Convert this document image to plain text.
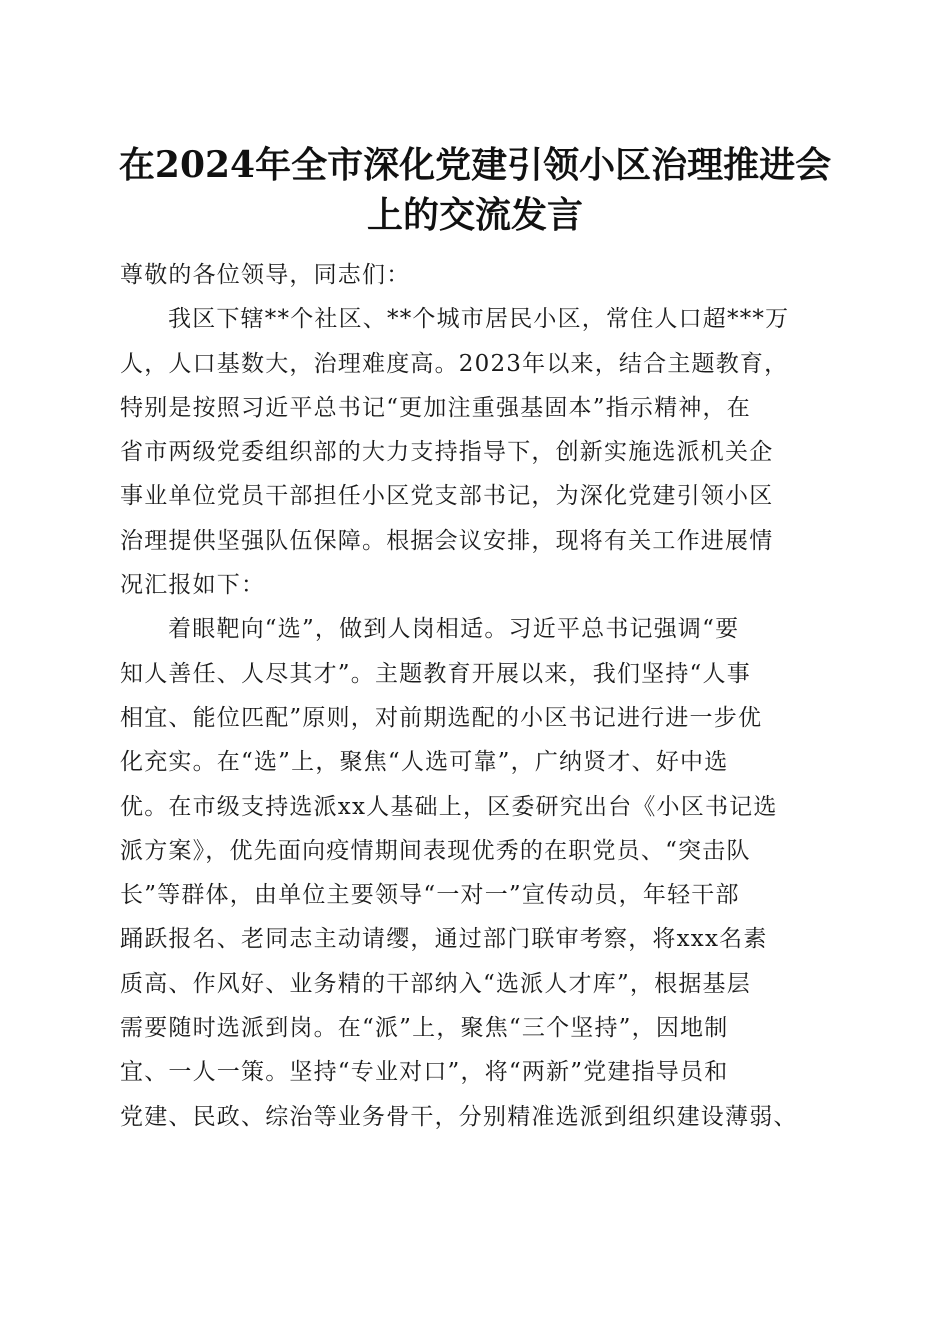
在2024年全市深化党建引领小区治理推进会
上的交流发言
尊敬的各位领导，同志们：
我区下辖**个社区、**个城市居民小区，常住人口超***万
人，人口基数大，治理难度高。2023年以来，结合主题教育，
特别是按照习近平总书记“更加注重强基固本”指示精神，在
省市两级党委组织部的大力支持指导下，创新实施选派机关企
事业单位党员干部担任小区党支部书记，为深化党建引领小区
治理提供坚强队伍保障。根据会议安排，现将有关工作进展情
况汇报如下：
着眼靶向“选”，做到人岗相适。习近平总书记强调“要
知人善任、人尽其才”。主题教育开展以来，我们坚持“人事
相宜、能位匹配”原则，对前期选配的小区书记进行进一步优
化充实。在“选”上，聚焦“人选可靠”，广纳贤才、好中选
优。在市级支持选派xx人基础上，区委研究出台《小区书记选
派方案》，优先面向疫情期间表现优秀的在职党员、“突击队
长”等群体，由单位主要领导“一对一”宣传动员，年轻干部
踊跃报名、老同志主动请缨，通过部门联审考察，将xxx名素
质高、作风好、业务精的干部纳入“选派人才库”，根据基层
需要随时选派到岗。在“派”上，聚焦“三个坚持”，因地制
宜、一人一策。坚持“专业对口”，将“两新”党建指导员和
党建、民政、综治等业务骨干，分别精准选派到组织建设薄弱、
